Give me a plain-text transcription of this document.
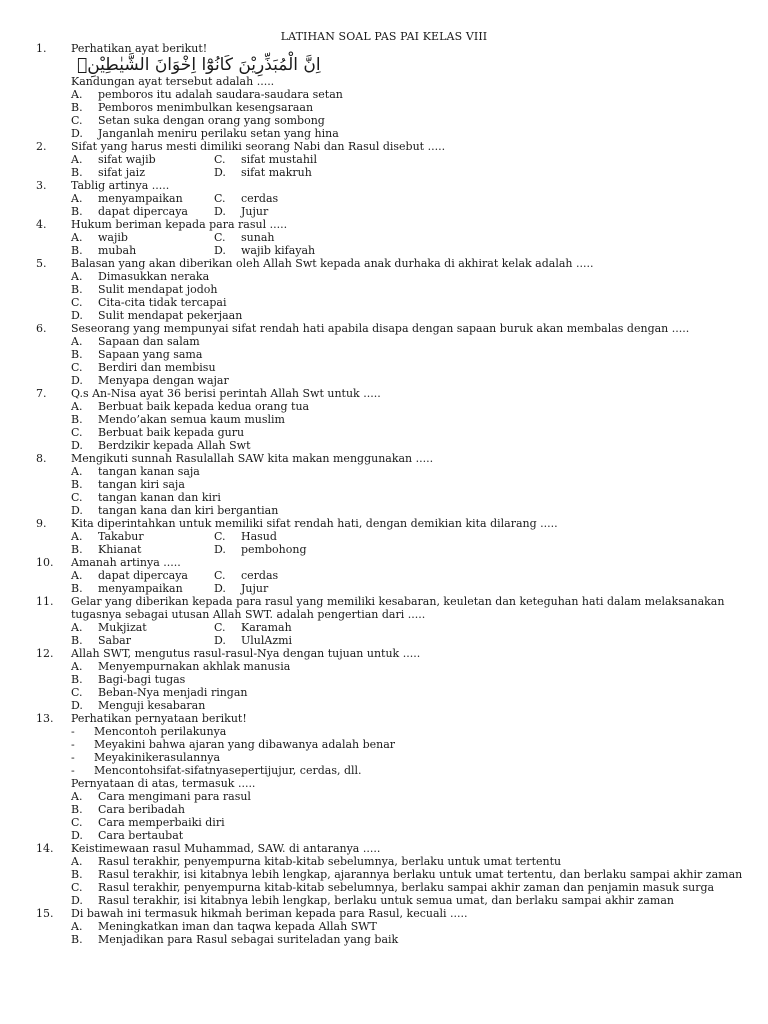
LATIHAN SOAL PAS PAI KELAS VIII
1. Perhatikan ayat berikut!
اِنَّ الْمُبَذِّرِيْنَ كَانُوْٓا اِخْوَانَ الشَّيٰطِيْنِۗ
Kandungan ayat tersebut adalah .....
A. pemboros itu adalah saudara-saudara setan
B. Pemboros menimbulkan kesengsaraan
C. Setan suka dengan orang yang sombong
D. Janganlah meniru perilaku setan yang hina
2. Sifat yang harus mesti dimiliki seorang Nabi dan Rasul disebut .....
A. sifat wajib	C. sifat mustahil
B. sifat jaiz	D. sifat makruh
3. Tablig artinya .....
A. menyampaikan	C. cerdas
B. dapat dipercaya	D. Jujur
4. Hukum beriman kepada para rasul .....
A. wajib	C. sunah
B. mubah	D. wajib kifayah
5. Balasan yang akan diberikan oleh Allah Swt kepada anak durhaka di akhirat kelak adalah .....
A. Dimasukkan neraka
B. Sulit mendapat jodoh
C. Cita-cita tidak tercapai
D. Sulit mendapat pekerjaan
6. Seseorang yang mempunyai sifat rendah hati apabila disapa dengan sapaan buruk akan membalas dengan .....
A. Sapaan dan salam
B. Sapaan yang sama
C. Berdiri dan membisu
D. Menyapa dengan wajar
7. Q.s An-Nisa ayat 36 berisi perintah Allah Swt untuk .....
A. Berbuat baik kepada kedua orang tua
B. Mendo’akan semua kaum muslim
C. Berbuat baik kepada guru
D. Berdzikir kepada Allah Swt
8. Mengikuti sunnah Rasulallah SAW kita makan menggunakan .....
A. tangan kanan saja
B. tangan kiri saja
C. tangan kanan dan kiri
D. tangan kana dan kiri bergantian
9. Kita diperintahkan untuk memiliki sifat rendah hati, dengan demikian kita dilarang .....
A. Takabur	C. Hasud
B. Khianat	D. pembohong
10. Amanah artinya .....
A. dapat dipercaya	C. cerdas
B. menyampaikan	D. Jujur
11. Gelar yang diberikan kepada para rasul yang memiliki kesabaran, keuletan dan keteguhan hati dalam melaksanakan tugasnya sebagai utusan Allah SWT. adalah pengertian dari .....
A. Mukjizat	C. Karamah
B. Sabar	D. UlulAzmi
12. Allah SWT, mengutus rasul-rasul-Nya dengan tujuan untuk .....
A. Menyempurnakan akhlak manusia
B. Bagi-bagi tugas
C. Beban-Nya menjadi ringan
D. Menguji kesabaran
13. Perhatikan pernyataan berikut!
- Mencontoh perilakunya
- Meyakini bahwa ajaran yang dibawanya adalah benar
- Meyakinikerasulannya
- Mencontohsifat-sifatnyasepertijujur, cerdas, dll.
Pernyataan di atas, termasuk .....
A. Cara mengimani para rasul
B. Cara beribadah
C. Cara memperbaiki diri
D. Cara bertaubat
14. Keistimewaan rasul Muhammad, SAW. di antaranya .....
A. Rasul terakhir, penyempurna kitab-kitab sebelumnya, berlaku untuk umat tertentu
B. Rasul terakhir, isi kitabnya lebih lengkap, ajarannya berlaku untuk umat tertentu, dan berlaku sampai akhir zaman
C. Rasul terakhir, penyempurna kitab-kitab sebelumnya, berlaku sampai akhir zaman dan penjamin masuk surga
D. Rasul terakhir, isi kitabnya lebih lengkap, berlaku untuk semua umat, dan berlaku sampai akhir zaman
15. Di bawah ini termasuk hikmah beriman kepada para Rasul, kecuali .....
A. Meningkatkan iman dan taqwa kepada Allah SWT
B. Menjadikan para Rasul sebagai suriteladan yang baik
